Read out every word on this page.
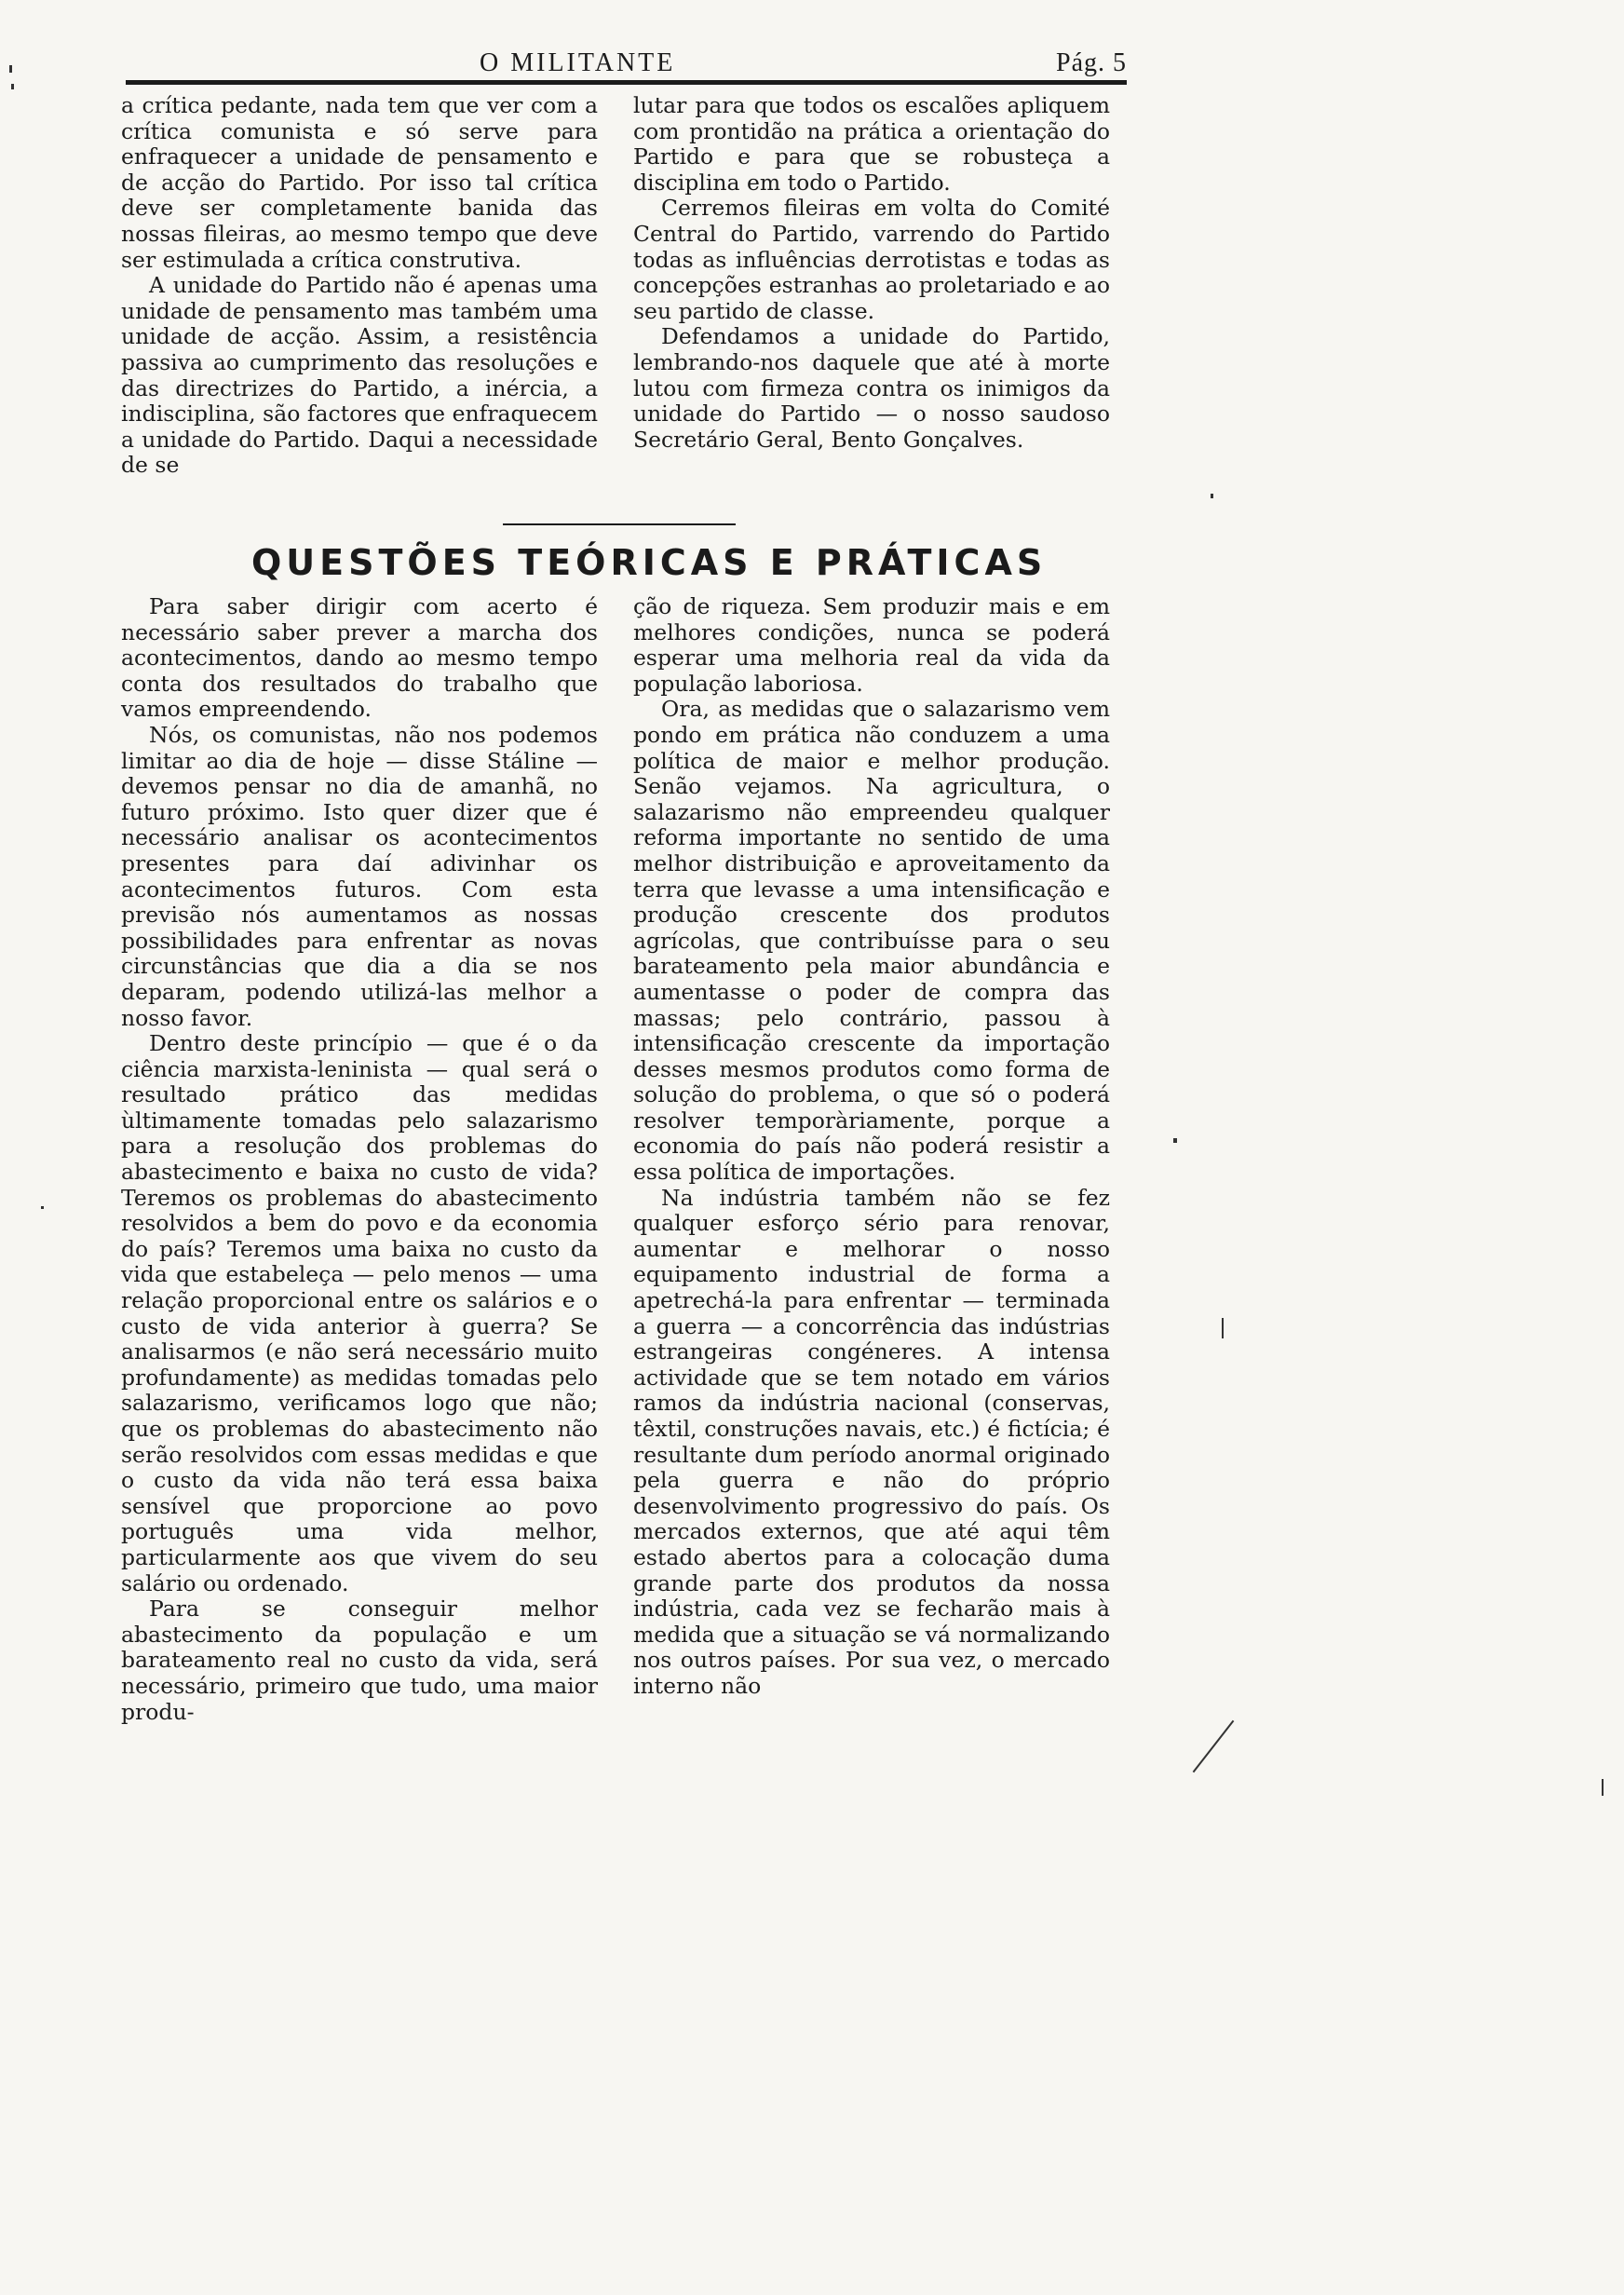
O MILITANTE	Pág. 5

a crítica pedante, nada tem que ver com a crítica comunista e só serve para enfraquecer a unidade de pensamento e de acção do Partido. Por isso tal crítica deve ser completamente banida das nossas fileiras, ao mesmo tempo que deve ser estimulada a crítica construtiva.

A unidade do Partido não é apenas uma unidade de pensamento mas também uma unidade de acção. Assim, a resistência passiva ao cumprimento das resoluções e das directrizes do Partido, a inércia, a indisciplina, são factores que enfraquecem a unidade do Partido. Daqui a necessidade de se

lutar para que todos os escalões apliquem com prontidão na prática a orientação do Partido e para que se robusteça a disciplina em todo o Partido.

Cerremos fileiras em volta do Comité Central do Partido, varrendo do Partido todas as influências derrotistas e todas as concepções estranhas ao proletariado e ao seu partido de classe.

Defendamos a unidade do Partido, lembrando-nos daquele que até à morte lutou com firmeza contra os inimigos da unidade do Partido — o nosso saudoso Secretário Geral, Bento Gonçalves.

QUESTÕES TEÓRICAS E PRÁTICAS

Para saber dirigir com acerto é necessário saber prever a marcha dos acontecimentos, dando ao mesmo tempo conta dos resultados do trabalho que vamos empreendendo.

Nós, os comunistas, não nos podemos limitar ao dia de hoje — disse Stáline — devemos pensar no dia de amanhã, no futuro próximo. Isto quer dizer que é necessário analisar os acontecimentos presentes para daí adivinhar os acontecimentos futuros. Com esta previsão nós aumentamos as nossas possibilidades para enfrentar as novas circunstâncias que dia a dia se nos deparam, podendo utilizá-las melhor a nosso favor.

Dentro deste princípio — que é o da ciência marxista-leninista — qual será o resultado prático das medidas ùltimamente tomadas pelo salazarismo para a resolução dos problemas do abastecimento e baixa no custo de vida? Teremos os problemas do abastecimento resolvidos a bem do povo e da economia do país? Teremos uma baixa no custo da vida que estabeleça — pelo menos — uma relação proporcional entre os salários e o custo de vida anterior à guerra? Se analisarmos (e não será necessário muito profundamente) as medidas tomadas pelo salazarismo, verificamos logo que não; que os problemas do abastecimento não serão resolvidos com essas medidas e que o custo da vida não terá essa baixa sensível que proporcione ao povo português uma vida melhor, particularmente aos que vivem do seu salário ou ordenado.

Para se conseguir melhor abastecimento da população e um barateamento real no custo da vida, será necessário, primeiro que tudo, uma maior produ-

ção de riqueza. Sem produzir mais e em melhores condições, nunca se poderá esperar uma melhoria real da vida da população laboriosa.

Ora, as medidas que o salazarismo vem pondo em prática não conduzem a uma política de maior e melhor produção. Senão vejamos. Na agricultura, o salazarismo não empreendeu qualquer reforma importante no sentido de uma melhor distribuição e aproveitamento da terra que levasse a uma intensificação e produção crescente dos produtos agrícolas, que contribuísse para o seu barateamento pela maior abundância e aumentasse o poder de compra das massas; pelo contrário, passou à intensificação crescente da importação desses mesmos produtos como forma de solução do problema, o que só o poderá resolver temporàriamente, porque a economia do país não poderá resistir a essa política de importações.

Na indústria também não se fez qualquer esforço sério para renovar, aumentar e melhorar o nosso equipamento industrial de forma a apetrechá-la para enfrentar — terminada a guerra — a concorrência das indústrias estrangeiras congéneres. A intensa actividade que se tem notado em vários ramos da indústria nacional (conservas, têxtil, construções navais, etc.) é fictícia; é resultante dum período anormal originado pela guerra e não do próprio desenvolvimento progressivo do país. Os mercados externos, que até aqui têm estado abertos para a colocação duma grande parte dos produtos da nossa indústria, cada vez se fecharão mais à medida que a situação se vá normalizando nos outros países. Por sua vez, o mercado interno não
